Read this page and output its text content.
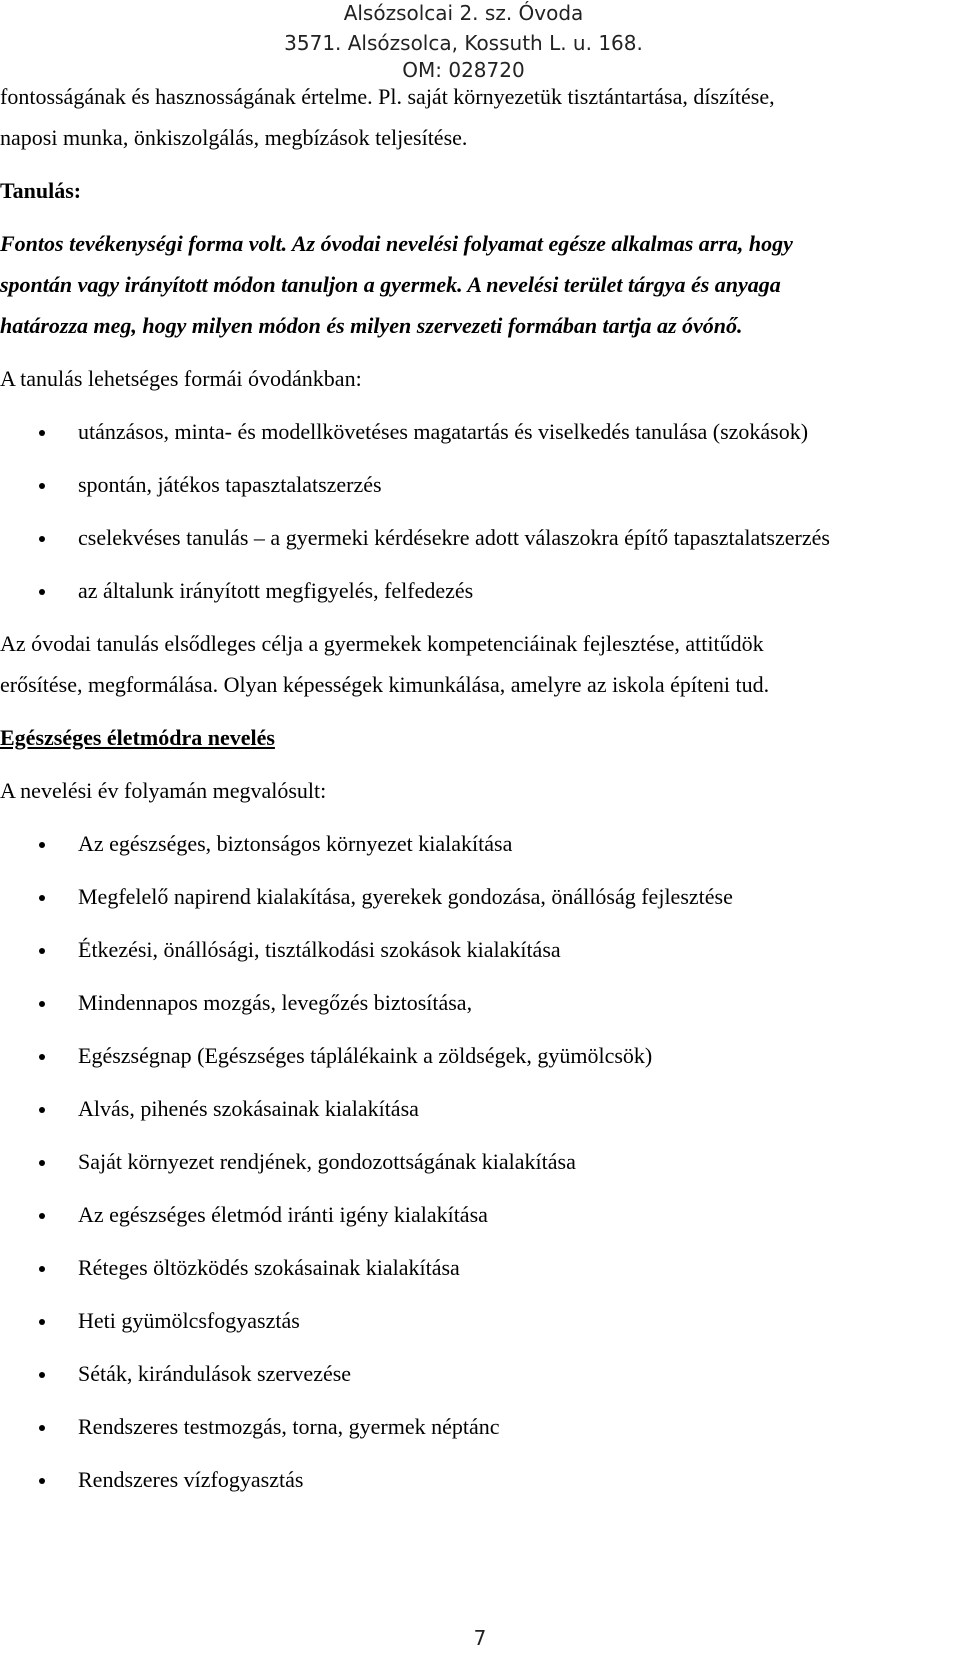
Alsózsolcai 2. sz. Óvoda
3571. Alsózsolca, Kossuth L. u. 168.
OM: 028720
fontosságának és hasznosságának értelme. Pl. saját környezetük tisztántartása, díszítése,
naposi munka, önkiszolgálás, megbízások teljesítése.
Tanulás:
Fontos tevékenységi forma volt. Az óvodai nevelési folyamat egésze alkalmas arra, hogy
spontán vagy irányított módon tanuljon a gyermek. A nevelési terület tárgya és anyaga
határozza meg, hogy milyen módon és milyen szervezeti formában tartja az óvónő.
A tanulás lehetséges formái óvodánkban:
utánzásos, minta- és modellkövetéses magatartás és viselkedés tanulása (szokások)
spontán, játékos tapasztalatszerzés
cselekvéses tanulás – a gyermeki kérdésekre adott válaszokra építő tapasztalatszerzés
az általunk irányított megfigyelés, felfedezés
Az óvodai tanulás elsődleges célja a gyermekek kompetenciáinak fejlesztése, attitűdök
erősítése, megformálása. Olyan képességek kimunkálása, amelyre az iskola építeni tud.
Egészséges életmódra nevelés
A nevelési év folyamán megvalósult:
Az egészséges, biztonságos környezet kialakítása
Megfelelő napirend kialakítása, gyerekek gondozása, önállóság fejlesztése
Étkezési, önállósági, tisztálkodási szokások kialakítása
Mindennapos mozgás, levegőzés biztosítása,
Egészségnap (Egészséges táplálékaink a zöldségek, gyümölcsök)
Alvás, pihenés szokásainak kialakítása
Saját környezet rendjének, gondozottságának kialakítása
Az egészséges életmód iránti igény kialakítása
Réteges öltözködés szokásainak kialakítása
Heti gyümölcsfogyasztás
Séták, kirándulások szervezése
Rendszeres testmozgás, torna, gyermek néptánc
Rendszeres vízfogyasztás
7
